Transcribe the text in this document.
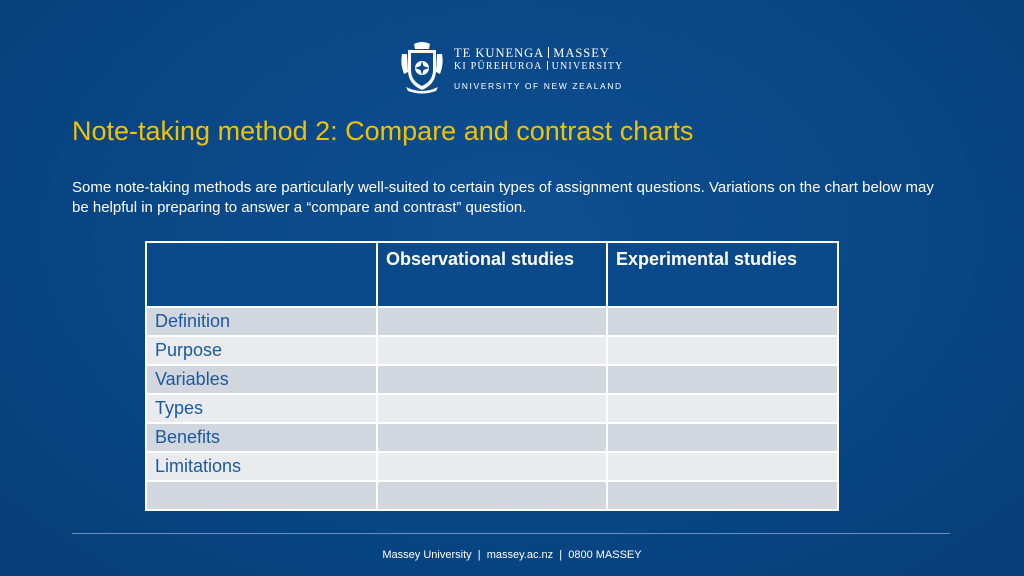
TE KUNENGA MASSEY
KI PŪREHUROA UNIVERSITY
UNIVERSITY OF NEW ZEALAND
Note-taking method 2: Compare and contrast charts

Some note-taking methods are particularly well-suited to certain types of assignment questions. Variations on the chart below may be helpful in preparing to answer a “compare and contrast” question.

	Observational studies	Experimental studies
Definition		
Purpose		
Variables		
Types		
Benefits		
Limitations		

Massey University  |  massey.ac.nz  |  0800 MASSEY
